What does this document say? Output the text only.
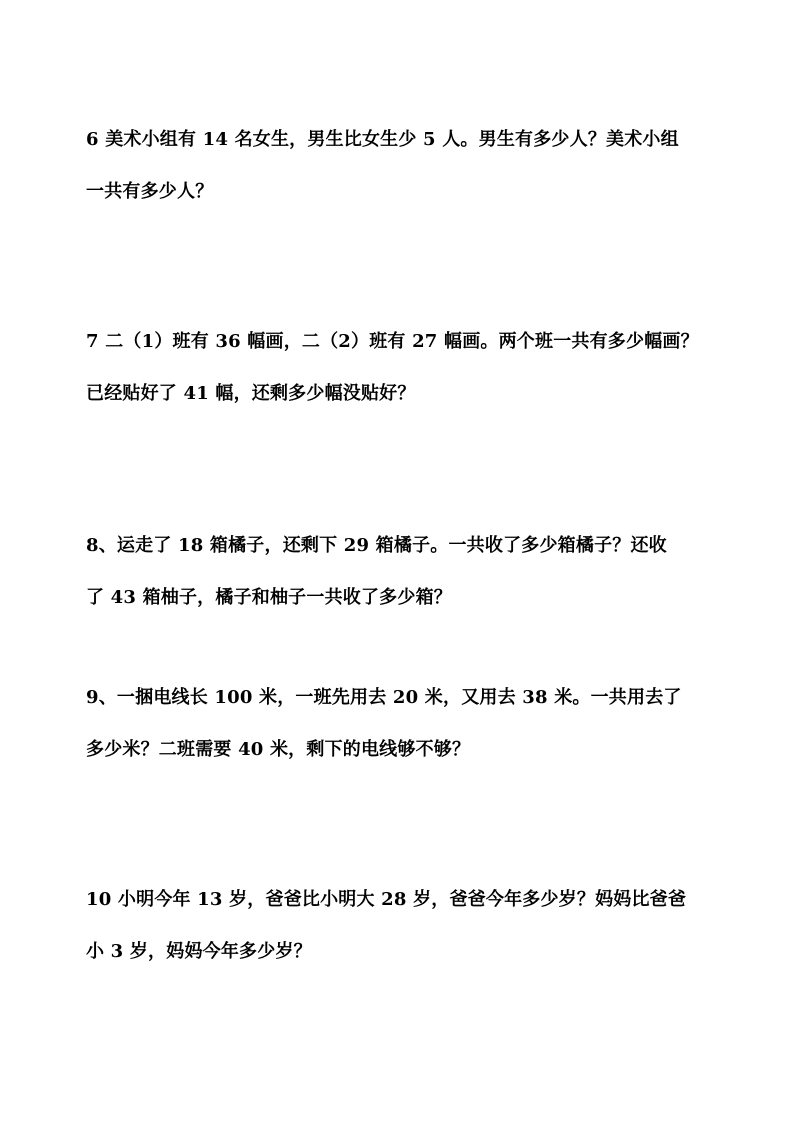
6 美术小组有 14 名女生，男生比女生少 5 人。男生有多少人？美术小组
一共有多少人？
7 二（1）班有 36 幅画，二（2）班有 27 幅画。两个班一共有多少幅画？
已经贴好了 41 幅，还剩多少幅没贴好？
8、运走了 18 箱橘子，还剩下 29 箱橘子。一共收了多少箱橘子？还收
了 43 箱柚子，橘子和柚子一共收了多少箱？
9、一捆电线长 100 米，一班先用去 20 米，又用去 38 米。一共用去了
多少米？二班需要 40 米，剩下的电线够不够？
10 小明今年 13 岁，爸爸比小明大 28 岁，爸爸今年多少岁？妈妈比爸爸
小 3 岁，妈妈今年多少岁？
